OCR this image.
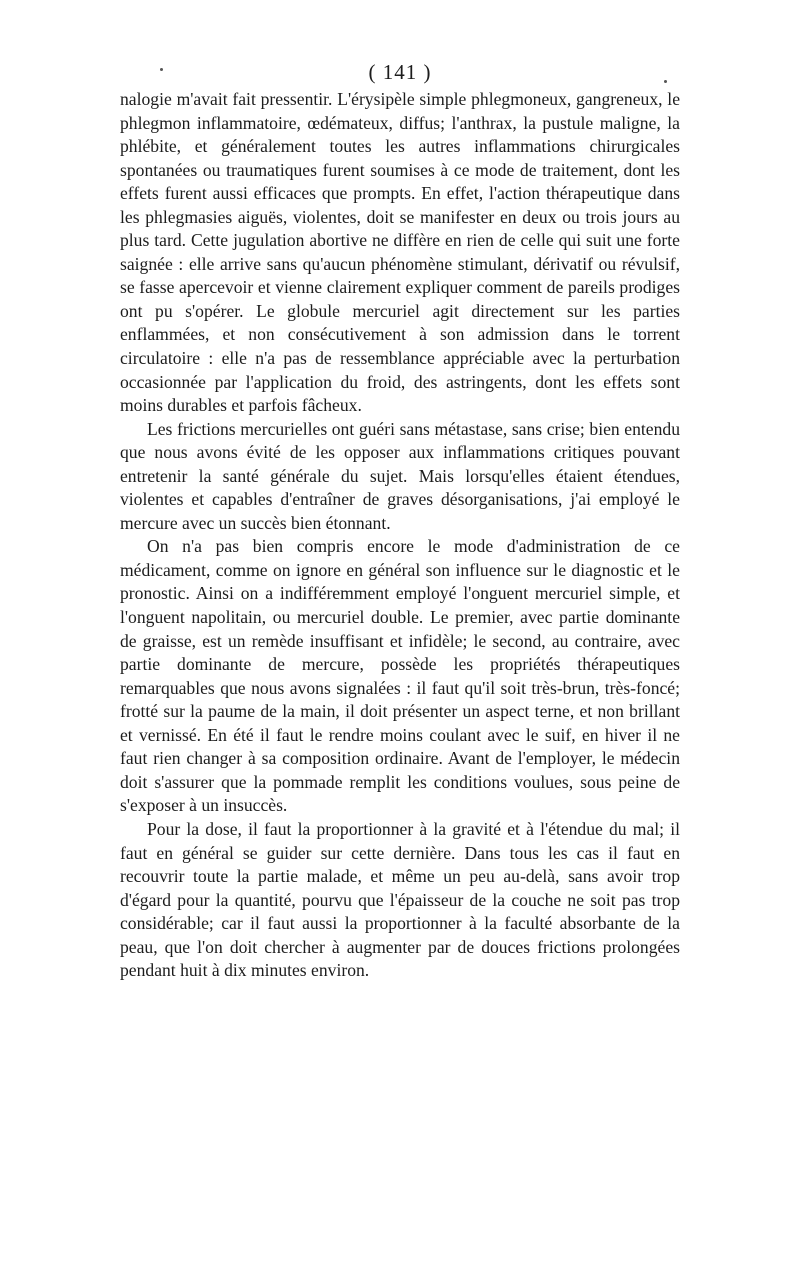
( 141 )

nalogie m'avait fait pressentir. L'érysipèle simple phlegmoneux, gangreneux, le phlegmon inflammatoire, œdémateux, diffus; l'anthrax, la pustule maligne, la phlébite, et généralement toutes les autres inflammations chirurgicales spontanées ou traumatiques furent soumises à ce mode de traitement, dont les effets furent aussi efficaces que prompts. En effet, l'action thérapeutique dans les phlegmasies aiguës, violentes, doit se manifester en deux ou trois jours au plus tard. Cette jugulation abortive ne diffère en rien de celle qui suit une forte saignée : elle arrive sans qu'aucun phénomène stimulant, dérivatif ou révulsif, se fasse apercevoir et vienne clairement expliquer comment de pareils prodiges ont pu s'opérer. Le globule mercuriel agit directement sur les parties enflammées, et non consécutivement à son admission dans le torrent circulatoire : elle n'a pas de ressemblance appréciable avec la perturbation occasionnée par l'application du froid, des astringents, dont les effets sont moins durables et parfois fâcheux.

Les frictions mercurielles ont guéri sans métastase, sans crise; bien entendu que nous avons évité de les opposer aux inflammations critiques pouvant entretenir la santé générale du sujet. Mais lorsqu'elles étaient étendues, violentes et capables d'entraîner de graves désorganisations, j'ai employé le mercure avec un succès bien étonnant.

On n'a pas bien compris encore le mode d'administration de ce médicament, comme on ignore en général son influence sur le diagnostic et le pronostic. Ainsi on a indifféremment employé l'onguent mercuriel simple, et l'onguent napolitain, ou mercuriel double. Le premier, avec partie dominante de graisse, est un remède insuffisant et infidèle; le second, au contraire, avec partie dominante de mercure, possède les propriétés thérapeutiques remarquables que nous avons signalées : il faut qu'il soit très-brun, très-foncé; frotté sur la paume de la main, il doit présenter un aspect terne, et non brillant et vernissé. En été il faut le rendre moins coulant avec le suif, en hiver il ne faut rien changer à sa composition ordinaire. Avant de l'employer, le médecin doit s'assurer que la pommade remplit les conditions voulues, sous peine de s'exposer à un insuccès.

Pour la dose, il faut la proportionner à la gravité et à l'étendue du mal; il faut en général se guider sur cette dernière. Dans tous les cas il faut en recouvrir toute la partie malade, et même un peu au-delà, sans avoir trop d'égard pour la quantité, pourvu que l'épaisseur de la couche ne soit pas trop considérable; car il faut aussi la proportionner à la faculté absorbante de la peau, que l'on doit chercher à augmenter par de douces frictions prolongées pendant huit à dix minutes environ.
